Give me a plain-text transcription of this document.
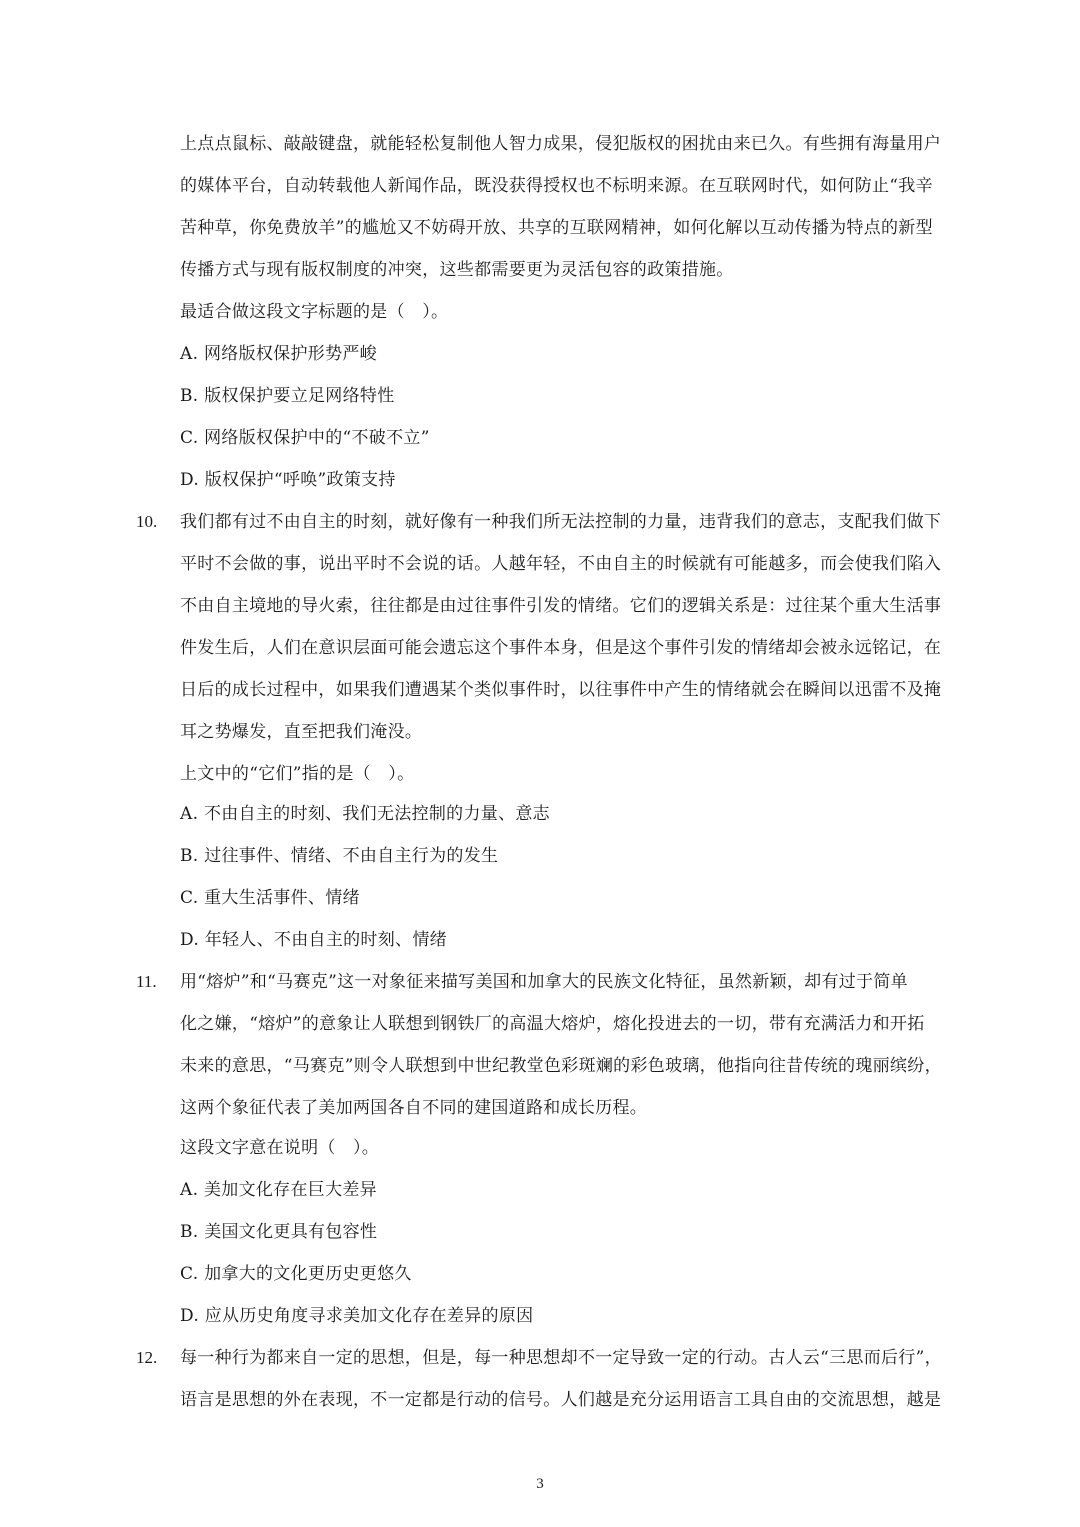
上点点鼠标、敲敲键盘，就能轻松复制他人智力成果，侵犯版权的困扰由来已久。有些拥有海量用户
的媒体平台，自动转载他人新闻作品，既没获得授权也不标明来源。在互联网时代，如何防止“我辛
苦种草，你免费放羊”的尴尬又不妨碍开放、共享的互联网精神，如何化解以互动传播为特点的新型
传播方式与现有版权制度的冲突，这些都需要更为灵活包容的政策措施。
最适合做这段文字标题的是（　）。
A. 网络版权保护形势严峻
B. 版权保护要立足网络特性
C. 网络版权保护中的“不破不立”
D. 版权保护“呼唤”政策支持
10.	我们都有过不由自主的时刻，就好像有一种我们所无法控制的力量，违背我们的意志，支配我们做下
平时不会做的事，说出平时不会说的话。人越年轻，不由自主的时候就有可能越多，而会使我们陷入
不由自主境地的导火索，往往都是由过往事件引发的情绪。它们的逻辑关系是：过往某个重大生活事
件发生后，人们在意识层面可能会遗忘这个事件本身，但是这个事件引发的情绪却会被永远铭记，在
日后的成长过程中，如果我们遭遇某个类似事件时，以往事件中产生的情绪就会在瞬间以迅雷不及掩
耳之势爆发，直至把我们淹没。
上文中的“它们”指的是（　）。
A. 不由自主的时刻、我们无法控制的力量、意志
B. 过往事件、情绪、不由自主行为的发生
C. 重大生活事件、情绪
D. 年轻人、不由自主的时刻、情绪
11.	用“熔炉”和“马赛克”这一对象征来描写美国和加拿大的民族文化特征，虽然新颖，却有过于简单
化之嫌，“熔炉”的意象让人联想到钢铁厂的高温大熔炉，熔化投进去的一切，带有充满活力和开拓
未来的意思，“马赛克”则令人联想到中世纪教堂色彩斑斓的彩色玻璃，他指向往昔传统的瑰丽缤纷，
这两个象征代表了美加两国各自不同的建国道路和成长历程。
这段文字意在说明（　）。
A. 美加文化存在巨大差异
B. 美国文化更具有包容性
C. 加拿大的文化更历史更悠久
D. 应从历史角度寻求美加文化存在差异的原因
12.	每一种行为都来自一定的思想，但是，每一种思想却不一定导致一定的行动。古人云“三思而后行”，
语言是思想的外在表现，不一定都是行动的信号。人们越是充分运用语言工具自由的交流思想，越是
3
